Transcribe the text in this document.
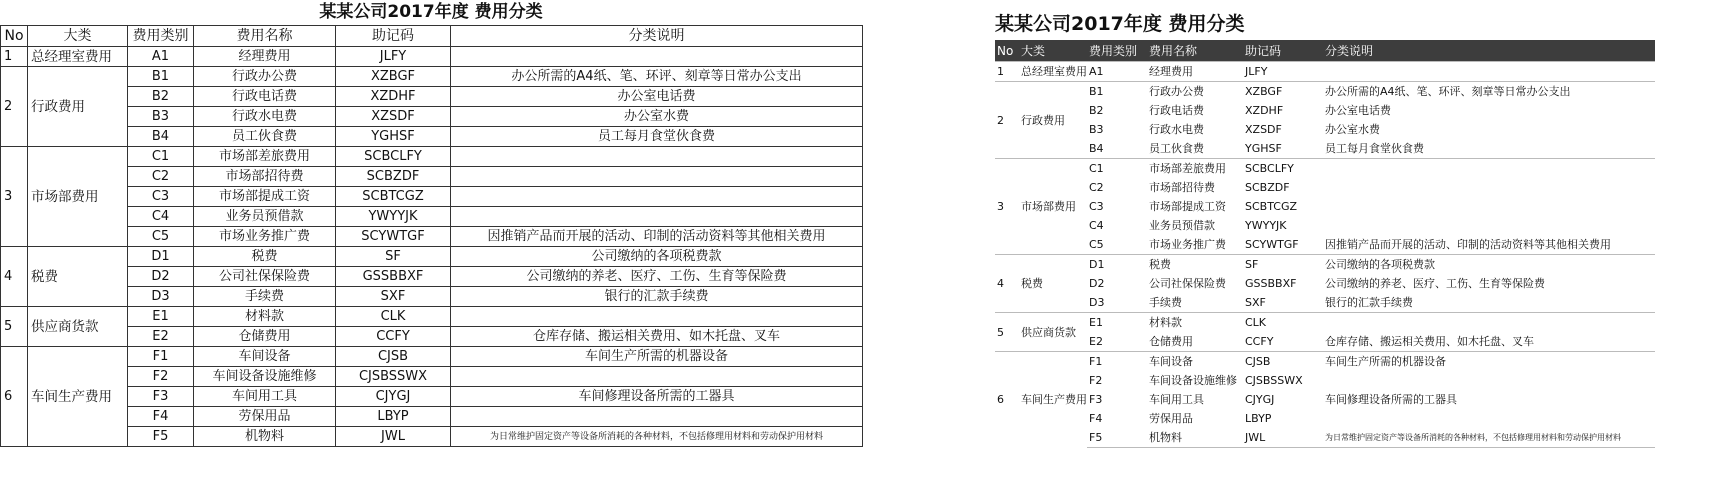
某某公司2017年度 费用分类
No	大类	费用类别	费用名称	助记码	分类说明
1	总经理室费用	A1	经理费用	JLFY	
2	行政费用	B1	行政办公费	XZBGF	办公所需的A4纸、笔、环评、刻章等日常办公支出
		B2	行政电话费	XZDHF	办公室电话费
		B3	行政水电费	XZSDF	办公室水费
		B4	员工伙食费	YGHSF	员工每月食堂伙食费
3	市场部费用	C1	市场部差旅费用	SCBCLFY	
		C2	市场部招待费	SCBZDF	
		C3	市场部提成工资	SCBTCGZ	
		C4	业务员预借款	YWYYJK	
		C5	市场业务推广费	SCYWTGF	因推销产品而开展的活动、印制的活动资料等其他相关费用
4	税费	D1	税费	SF	公司缴纳的各项税费款
		D2	公司社保保险费	GSSBBXF	公司缴纳的养老、医疗、工伤、生育等保险费
		D3	手续费	SXF	银行的汇款手续费
5	供应商货款	E1	材料款	CLK	
		E2	仓储费用	CCFY	仓库存储、搬运相关费用、如木托盘、叉车
6	车间生产费用	F1	车间设备	CJSB	车间生产所需的机器设备
		F2	车间设备设施维修	CJSBSSWX	
		F3	车间用工具	CJYGJ	车间修理设备所需的工器具
		F4	劳保用品	LBYP	
		F5	机物料	JWL	为日常维护固定资产等设备所消耗的各种材料，不包括修理用材料和劳动保护用材料
某某公司2017年度 费用分类
No	大类	费用类别	费用名称	助记码	分类说明
1	总经理室费用	A1	经理费用	JLFY	
2	行政费用	B1	行政办公费	XZBGF	办公所需的A4纸、笔、环评、刻章等日常办公支出
		B2	行政电话费	XZDHF	办公室电话费
		B3	行政水电费	XZSDF	办公室水费
		B4	员工伙食费	YGHSF	员工每月食堂伙食费
3	市场部费用	C1	市场部差旅费用	SCBCLFY	
		C2	市场部招待费	SCBZDF	
		C3	市场部提成工资	SCBTCGZ	
		C4	业务员预借款	YWYYJK	
		C5	市场业务推广费	SCYWTGF	因推销产品而开展的活动、印制的活动资料等其他相关费用
4	税费	D1	税费	SF	公司缴纳的各项税费款
		D2	公司社保保险费	GSSBBXF	公司缴纳的养老、医疗、工伤、生育等保险费
		D3	手续费	SXF	银行的汇款手续费
5	供应商货款	E1	材料款	CLK	
		E2	仓储费用	CCFY	仓库存储、搬运相关费用、如木托盘、叉车
6	车间生产费用	F1	车间设备	CJSB	车间生产所需的机器设备
		F2	车间设备设施维修	CJSBSSWX	
		F3	车间用工具	CJYGJ	车间修理设备所需的工器具
		F4	劳保用品	LBYP	
		F5	机物料	JWL	为日常维护固定资产等设备所消耗的各种材料，不包括修理用材料和劳动保护用材料
